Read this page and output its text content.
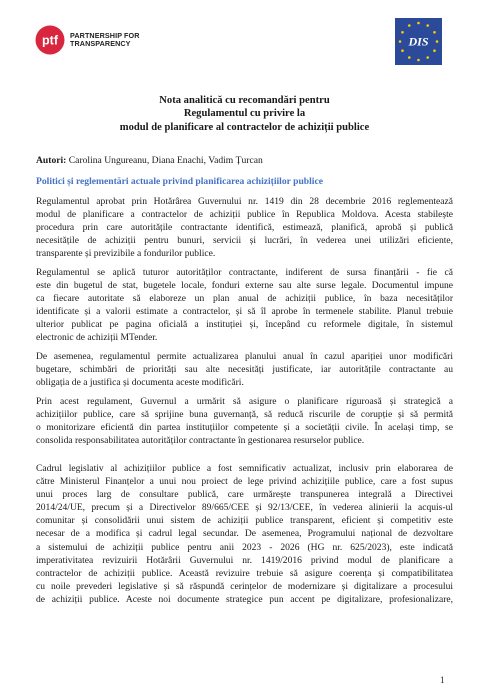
ptf PARTNERSHIP FOR
TRANSPARENCY	DIS
Nota analitică cu recomandări pentru
Regulamentul cu privire la
modul de planificare al contractelor de achiziții publice
Autori: Carolina Ungureanu, Diana Enachi, Vadim Țurcan
Politici și reglementări actuale privind planificarea achizițiilor publice
Regulamentul aprobat prin Hotărârea Guvernului nr. 1419 din 28 decembrie 2016 reglementează
modul de planificare a contractelor de achiziții publice în Republica Moldova. Acesta stabilește
procedura prin care autoritățile contractante identifică, estimează, planifică, aprobă și publică
necesitățile de achiziții pentru bunuri, servicii și lucrări, în vederea unei utilizări eficiente,
transparente și previzibile a fondurilor publice.
Regulamentul se aplică tuturor autorităților contractante, indiferent de sursa finanțării - fie că
este din bugetul de stat, bugetele locale, fonduri externe sau alte surse legale. Documentul impune
ca fiecare autoritate să elaboreze un plan anual de achiziții publice, în baza necesităților
identificate și a valorii estimate a contractelor, și să îl aprobe în termenele stabilite. Planul trebuie
ulterior publicat pe pagina oficială a instituției și, începând cu reformele digitale, în sistemul
electronic de achiziții MTender.
De asemenea, regulamentul permite actualizarea planului anual în cazul apariției unor modificări
bugetare, schimbări de priorități sau alte necesități justificate, iar autoritățile contractante au
obligația de a justifica și documenta aceste modificări.
Prin acest regulament, Guvernul a urmărit să asigure o planificare riguroasă și strategică a
achizițiilor publice, care să sprijine buna guvernanță, să reducă riscurile de corupție și să permită
o monitorizare eficientă din partea instituțiilor competente și a societății civile. În același timp, se
consolida responsabilitatea autorităților contractante în gestionarea resurselor publice.
Cadrul legislativ al achizițiilor publice a fost semnificativ actualizat, inclusiv prin elaborarea de
către Ministerul Finanțelor a unui nou proiect de lege privind achizițiile publice, care a fost supus
unui proces larg de consultare publică, care urmărește transpunerea integrală a Directivei
2014/24/UE, precum și a Directivelor 89/665/CEE și 92/13/CEE, în vederea alinierii la acquis-ul
comunitar și consolidării unui sistem de achiziții publice transparent, eficient și competitiv este
necesar de a modifica și cadrul legal secundar. De asemenea, Programului național de dezvoltare
a sistemului de achiziții publice pentru anii 2023 - 2026 (HG nr. 625/2023), este indicată
imperativitatea revizuirii Hotărârii Guvernului nr. 1419/2016 privind modul de planificare a
contractelor de achiziții publice. Această revizuire trebuie să asigure coerența și compatibilitatea
cu noile prevederi legislative și să răspundă cerințelor de modernizare și digitalizare a procesului
de achiziții publice. Aceste noi documente strategice pun accent pe digitalizare, profesionalizare,
1
